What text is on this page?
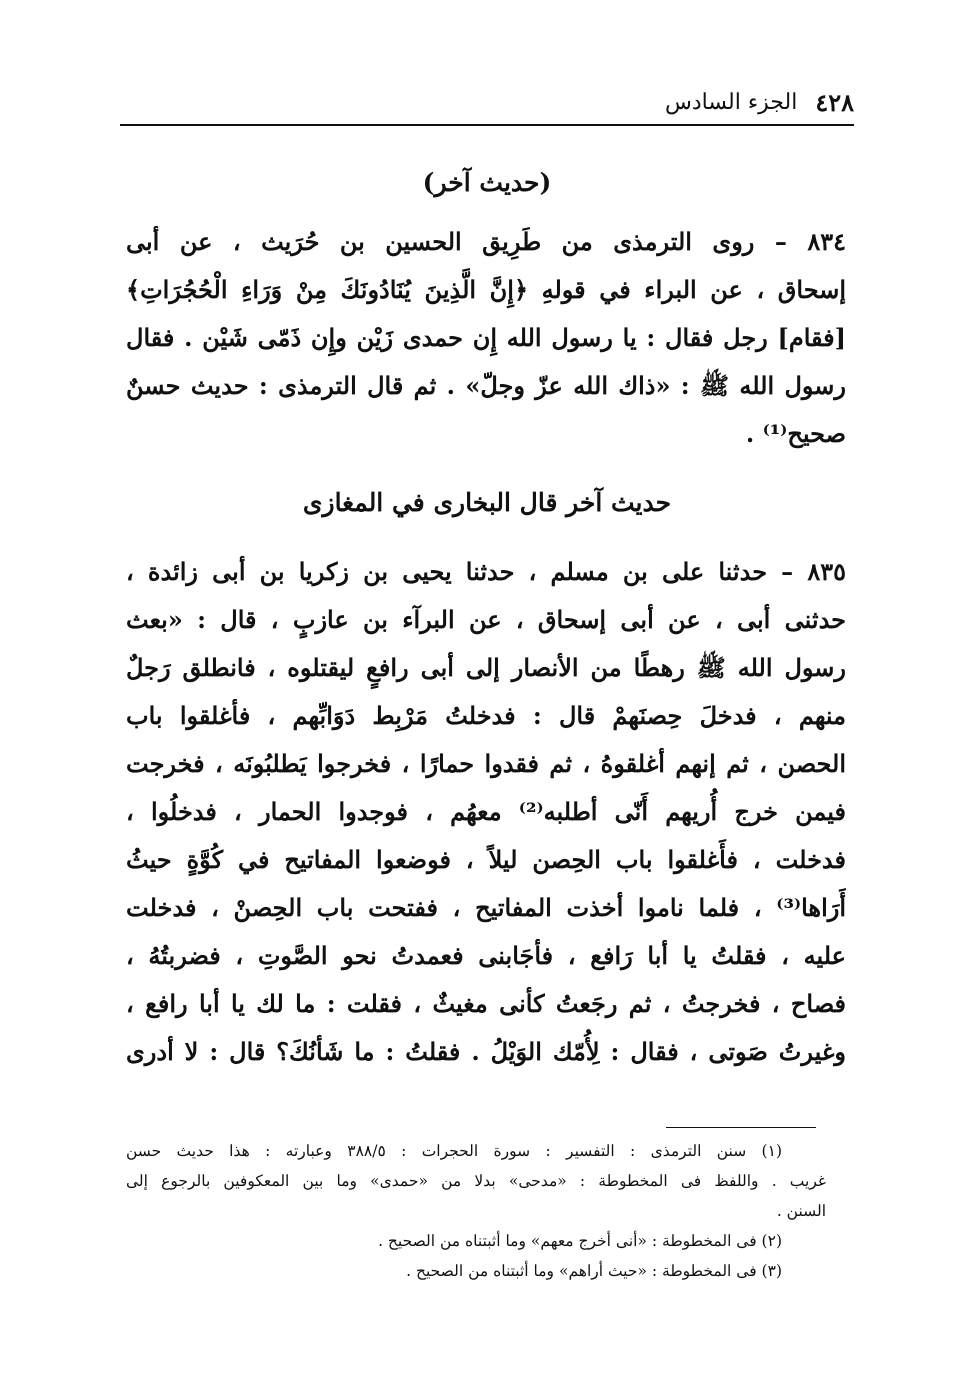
٤٢٨
الجزء السادس
(حديث آخر)
٨٣٤ – روى الترمذى من طَرِيق الحسين بن حُرَيث ، عن أبى
إسحاق ، عن البراء في قولهِ ﴿إِنَّ الَّذِينَ يُنَادُونَكَ مِنْ وَرَاءِ الْحُجُرَاتِ﴾
[فقام] رجل فقال : يا رسول الله إِن حمدى زَيْن وإِن ذَمّى شَيْن . فقال
رسول الله ﷺ : «ذاك الله عزّ وجلّ» . ثم قال الترمذى : حديث حسنٌ
صحيح⁽¹⁾ .
حديث آخر قال البخارى في المغازى
٨٣٥ – حدثنا على بن مسلم ، حدثنا يحيى بن زكريا بن أبى زائدة ،
حدثنى أبى ، عن أبى إسحاق ، عن البرآء بن عازبٍ ، قال : «بعث
رسول الله ﷺ رهطًا من الأنصار إلى أبى رافعٍ ليقتلوه ، فانطلق رَجلٌ
منهم ، فدخلَ حِصنَهمْ قال : فدخلتُ مَرْبِط دَوَابِّهم ، فأغلقوا باب
الحصن ، ثم إنهم أغلقوهُ ، ثم فقدوا حمارًا ، فخرجوا يَطلبُونَه ، فخرجت
فيمن خرج أُريهم أَنّى أطلبه⁽²⁾ معهُم ، فوجدوا الحمار ، فدخلُوا ،
فدخلت ، فأَغلقوا باب الحِصن ليلاً ، فوضعوا المفاتيح في كُوَّةٍ حيثُ
أَرَاها⁽³⁾ ، فلما ناموا أخذت المفاتيح ، ففتحت باب الحِصنْ ، فدخلت
عليه ، فقلتُ يا أبا رَافع ، فأجَابنى فعمدتُ نحو الصَّوتِ ، فضربتُهُ ،
فصاح ، فخرجتُ ، ثم رجَعتُ كأنى مغيثٌ ، فقلت : ما لك يا أبا رافع ،
وغيرتُ صَوتى ، فقال : لِأُمّك الوَيْلُ . فقلتُ : ما شَأنُكَ؟ قال : لا أدرى
(١) سنن الترمذى : التفسير : سورة الحجرات : ٣٨٨/٥ وعبارته : هذا حديث حسن
غريب . واللفظ فى المخطوطة : «مدحى» بدلا من «حمدى» وما بين المعكوفين بالرجوع إلى
السنن .
(٢) فى المخطوطة : «أنى أخرج معهم» وما أثبتناه من الصحيح .
(٣) فى المخطوطة : «حيث أراهم» وما أثبتناه من الصحيح .
